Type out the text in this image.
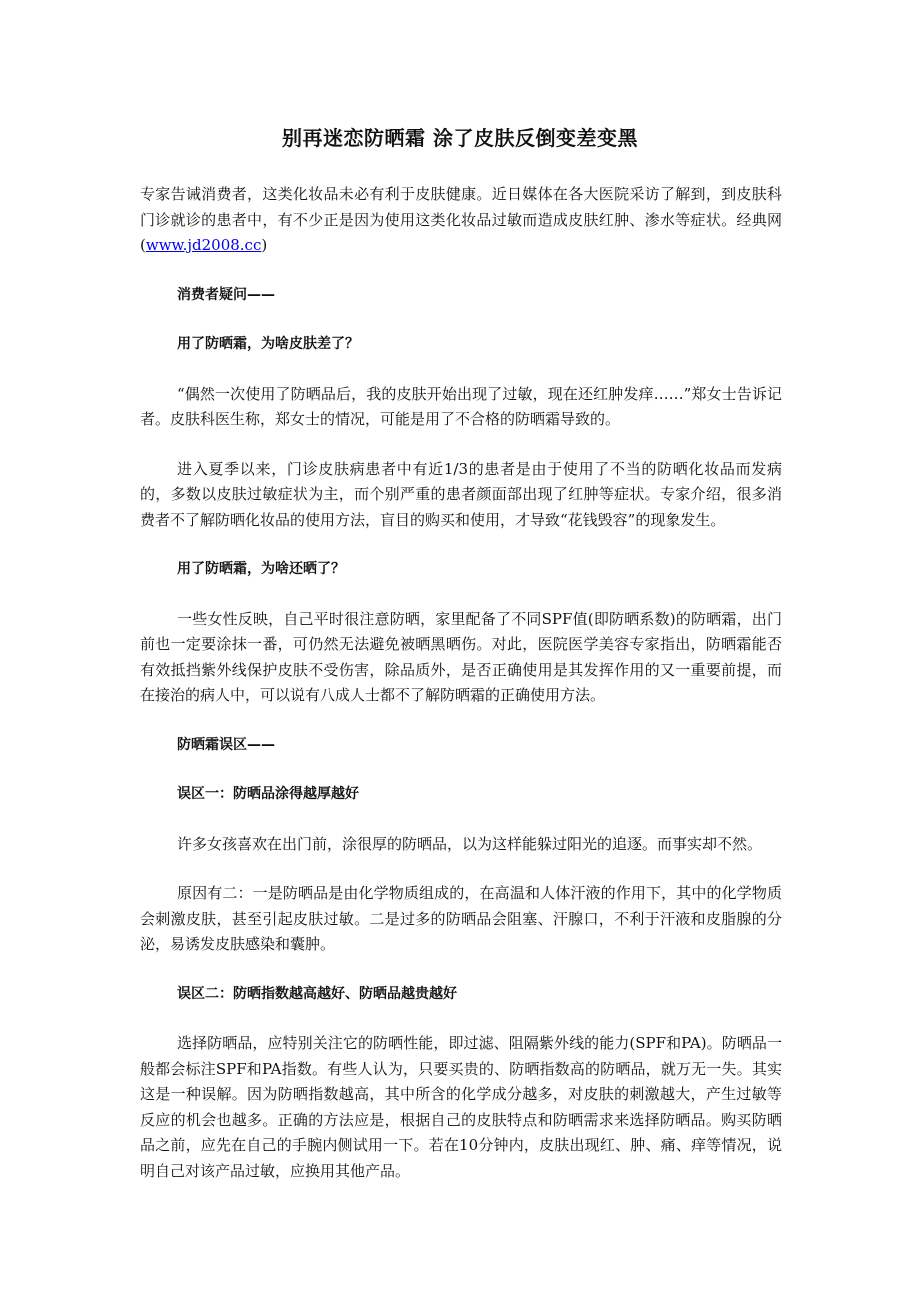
别再迷恋防晒霜 涂了皮肤反倒变差变黑

专家告诫消费者，这类化妆品未必有利于皮肤健康。近日媒体在各大医院采访了解到，到皮肤科门诊就诊的患者中，有不少正是因为使用这类化妆品过敏而造成皮肤红肿、渗水等症状。经典网(www.jd2008.cc)

消费者疑问——
用了防晒霜，为啥皮肤差了？

“偶然一次使用了防晒品后，我的皮肤开始出现了过敏，现在还红肿发痒……”郑女士告诉记者。皮肤科医生称，郑女士的情况，可能是用了不合格的防晒霜导致的。

进入夏季以来，门诊皮肤病患者中有近1/3的患者是由于使用了不当的防晒化妆品而发病的，多数以皮肤过敏症状为主，而个别严重的患者颜面部出现了红肿等症状。专家介绍，很多消费者不了解防晒化妆品的使用方法，盲目的购买和使用，才导致“花钱毁容”的现象发生。

用了防晒霜，为啥还晒了？

一些女性反映，自己平时很注意防晒，家里配备了不同SPF值(即防晒系数)的防晒霜，出门前也一定要涂抹一番，可仍然无法避免被晒黑晒伤。对此，医院医学美容专家指出，防晒霜能否有效抵挡紫外线保护皮肤不受伤害，除品质外，是否正确使用是其发挥作用的又一重要前提，而在接治的病人中，可以说有八成人士都不了解防晒霜的正确使用方法。

防晒霜误区——
误区一：防晒品涂得越厚越好

许多女孩喜欢在出门前，涂很厚的防晒品，以为这样能躲过阳光的追逐。而事实却不然。

原因有二：一是防晒品是由化学物质组成的，在高温和人体汗液的作用下，其中的化学物质会刺激皮肤，甚至引起皮肤过敏。二是过多的防晒品会阻塞、汗腺口，不利于汗液和皮脂腺的分泌，易诱发皮肤感染和囊肿。

误区二：防晒指数越高越好、防晒品越贵越好

选择防晒品，应特别关注它的防晒性能，即过滤、阻隔紫外线的能力(SPF和PA)。防晒品一般都会标注SPF和PA指数。有些人认为，只要买贵的、防晒指数高的防晒品，就万无一失。其实这是一种误解。因为防晒指数越高，其中所含的化学成分越多，对皮肤的刺激越大，产生过敏等反应的机会也越多。正确的方法应是，根据自己的皮肤特点和防晒需求来选择防晒品。购买防晒品之前，应先在自己的手腕内侧试用一下。若在10分钟内，皮肤出现红、肿、痛、痒等情况，说明自己对该产品过敏，应换用其他产品。
